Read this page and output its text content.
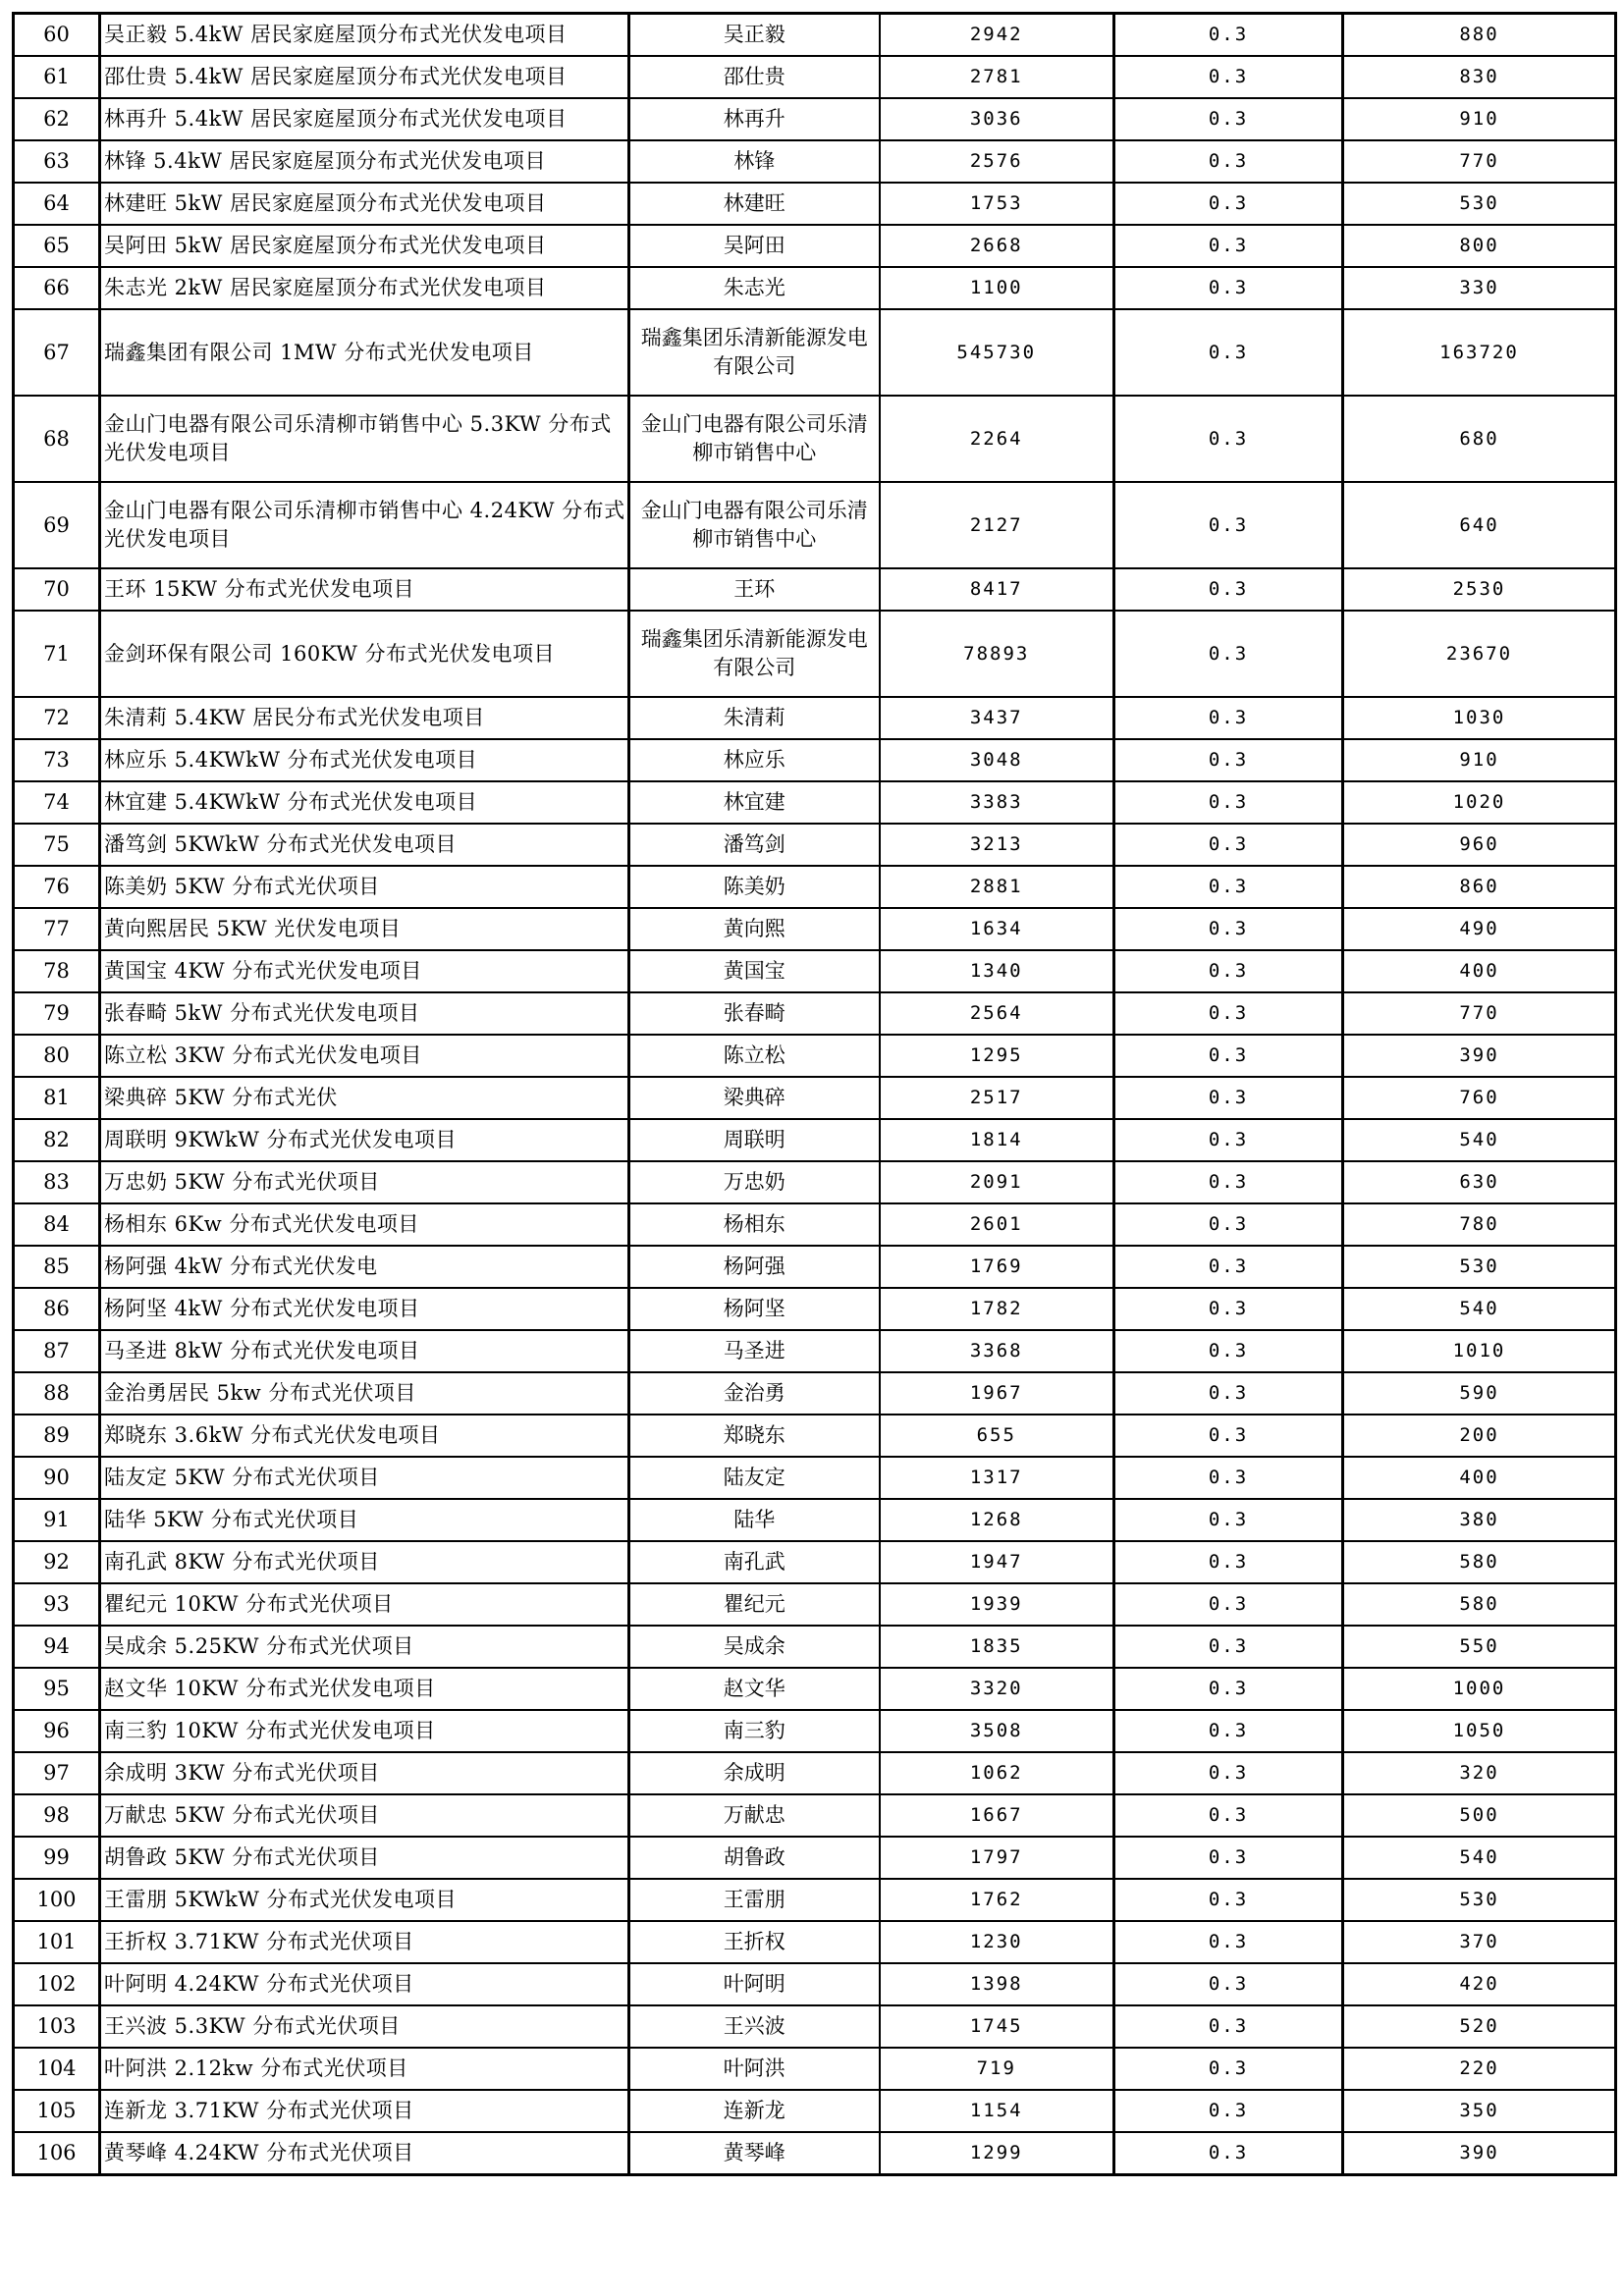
60	吴正毅 5.4kW 居民家庭屋顶分布式光伏发电项目	吴正毅	2942	0.3	880
61	邵仕贵 5.4kW 居民家庭屋顶分布式光伏发电项目	邵仕贵	2781	0.3	830
62	林再升 5.4kW 居民家庭屋顶分布式光伏发电项目	林再升	3036	0.3	910
63	林锋 5.4kW 居民家庭屋顶分布式光伏发电项目	林锋	2576	0.3	770
64	林建旺 5kW 居民家庭屋顶分布式光伏发电项目	林建旺	1753	0.3	530
65	吴阿田 5kW 居民家庭屋顶分布式光伏发电项目	吴阿田	2668	0.3	800
66	朱志光 2kW 居民家庭屋顶分布式光伏发电项目	朱志光	1100	0.3	330
67	瑞鑫集团有限公司 1MW 分布式光伏发电项目	瑞鑫集团乐清新能源发电有限公司	545730	0.3	163720
68	金山门电器有限公司乐清柳市销售中心 5.3KW 分布式光伏发电项目	金山门电器有限公司乐清柳市销售中心	2264	0.3	680
69	金山门电器有限公司乐清柳市销售中心 4.24KW 分布式光伏发电项目	金山门电器有限公司乐清柳市销售中心	2127	0.3	640
70	王环 15KW 分布式光伏发电项目	王环	8417	0.3	2530
71	金剑环保有限公司 160KW 分布式光伏发电项目	瑞鑫集团乐清新能源发电有限公司	78893	0.3	23670
72	朱清莉 5.4KW 居民分布式光伏发电项目	朱清莉	3437	0.3	1030
73	林应乐 5.4KWkW 分布式光伏发电项目	林应乐	3048	0.3	910
74	林宜建 5.4KWkW 分布式光伏发电项目	林宜建	3383	0.3	1020
75	潘笃剑 5KWkW 分布式光伏发电项目	潘笃剑	3213	0.3	960
76	陈美奶 5KW 分布式光伏项目	陈美奶	2881	0.3	860
77	黄向熙居民 5KW 光伏发电项目	黄向熙	1634	0.3	490
78	黄国宝 4KW 分布式光伏发电项目	黄国宝	1340	0.3	400
79	张春畸 5kW 分布式光伏发电项目	张春畸	2564	0.3	770
80	陈立松 3KW 分布式光伏发电项目	陈立松	1295	0.3	390
81	梁典碎 5KW 分布式光伏	梁典碎	2517	0.3	760
82	周联明 9KWkW 分布式光伏发电项目	周联明	1814	0.3	540
83	万忠奶 5KW 分布式光伏项目	万忠奶	2091	0.3	630
84	杨相东 6Kw 分布式光伏发电项目	杨相东	2601	0.3	780
85	杨阿强 4kW 分布式光伏发电	杨阿强	1769	0.3	530
86	杨阿坚 4kW 分布式光伏发电项目	杨阿坚	1782	0.3	540
87	马圣进 8kW 分布式光伏发电项目	马圣进	3368	0.3	1010
88	金治勇居民 5kw 分布式光伏项目	金治勇	1967	0.3	590
89	郑晓东 3.6kW 分布式光伏发电项目	郑晓东	655	0.3	200
90	陆友定 5KW 分布式光伏项目	陆友定	1317	0.3	400
91	陆华 5KW 分布式光伏项目	陆华	1268	0.3	380
92	南孔武 8KW 分布式光伏项目	南孔武	1947	0.3	580
93	瞿纪元 10KW 分布式光伏项目	瞿纪元	1939	0.3	580
94	吴成余 5.25KW 分布式光伏项目	吴成余	1835	0.3	550
95	赵文华 10KW 分布式光伏发电项目	赵文华	3320	0.3	1000
96	南三豹 10KW 分布式光伏发电项目	南三豹	3508	0.3	1050
97	余成明 3KW 分布式光伏项目	余成明	1062	0.3	320
98	万献忠 5KW 分布式光伏项目	万献忠	1667	0.3	500
99	胡鲁政 5KW 分布式光伏项目	胡鲁政	1797	0.3	540
100	王雷朋 5KWkW 分布式光伏发电项目	王雷朋	1762	0.3	530
101	王折权 3.71KW 分布式光伏项目	王折权	1230	0.3	370
102	叶阿明 4.24KW 分布式光伏项目	叶阿明	1398	0.3	420
103	王兴波 5.3KW 分布式光伏项目	王兴波	1745	0.3	520
104	叶阿洪 2.12kw 分布式光伏项目	叶阿洪	719	0.3	220
105	连新龙 3.71KW 分布式光伏项目	连新龙	1154	0.3	350
106	黄琴峰 4.24KW 分布式光伏项目	黄琴峰	1299	0.3	390
